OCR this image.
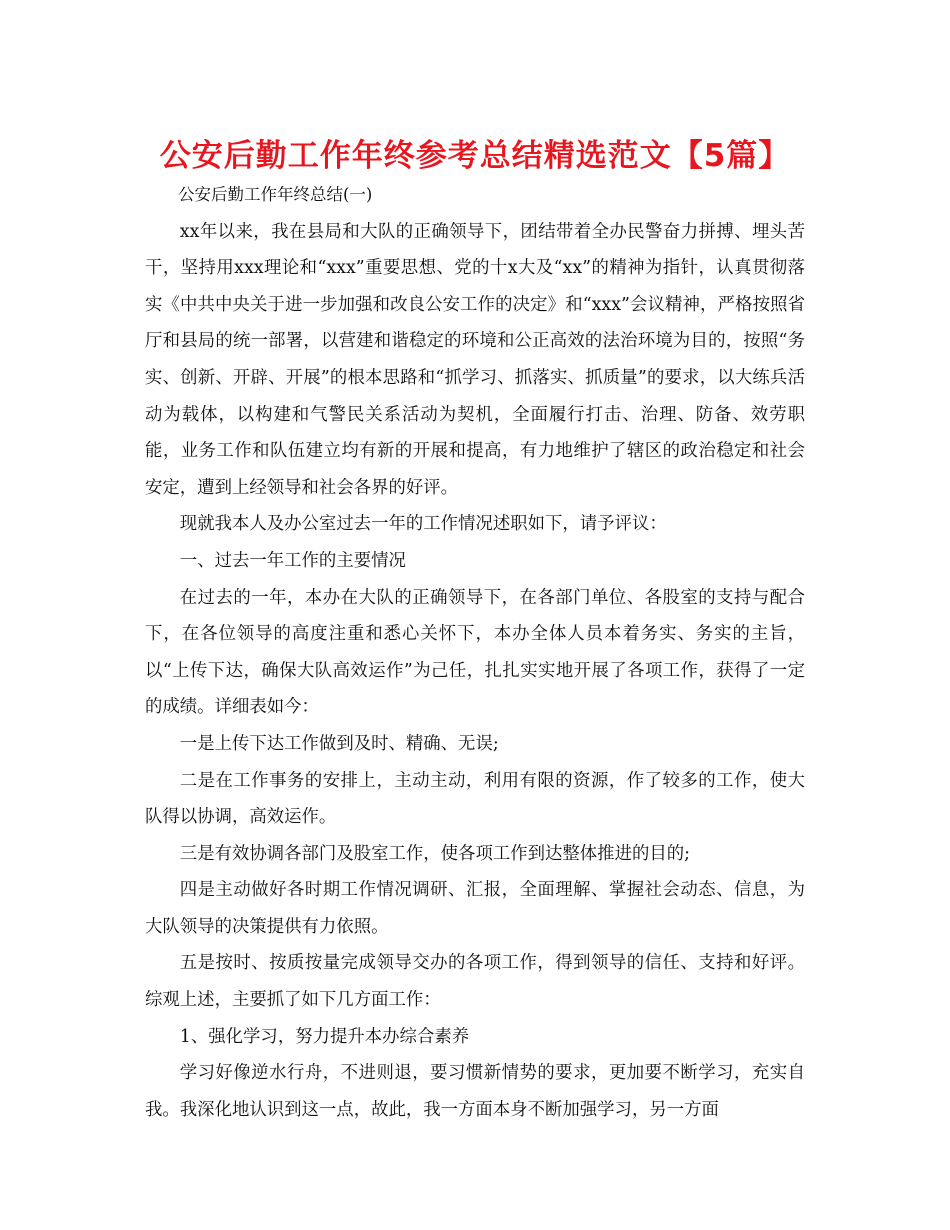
公安后勤工作年终参考总结精选范文【5篇】

公安后勤工作年终总结(一)

xx年以来，我在县局和大队的正确领导下，团结带着全办民警奋力拼搏、埋头苦干，坚持用xxx理论和“xxx”重要思想、党的十x大及“xx”的精神为指针，认真贯彻落实《中共中央关于进一步加强和改良公安工作的决定》和“xxx”会议精神，严格按照省厅和县局的统一部署，以营建和谐稳定的环境和公正高效的法治环境为目的，按照“务实、创新、开辟、开展”的根本思路和“抓学习、抓落实、抓质量”的要求，以大练兵活动为载体，以构建和气警民关系活动为契机，全面履行打击、治理、防备、效劳职能，业务工作和队伍建立均有新的开展和提高，有力地维护了辖区的政治稳定和社会安定，遭到上经领导和社会各界的好评。

现就我本人及办公室过去一年的工作情况述职如下，请予评议：

一、过去一年工作的主要情况

在过去的一年，本办在大队的正确领导下，在各部门单位、各股室的支持与配合下，在各位领导的高度注重和悉心关怀下，本办全体人员本着务实、务实的主旨，以“上传下达，确保大队高效运作”为己任，扎扎实实地开展了各项工作，获得了一定的成绩。详细表如今：

一是上传下达工作做到及时、精确、无误;

二是在工作事务的安排上，主动主动，利用有限的资源，作了较多的工作，使大队得以协调，高效运作。

三是有效协调各部门及股室工作，使各项工作到达整体推进的目的;

四是主动做好各时期工作情况调研、汇报，全面理解、掌握社会动态、信息，为大队领导的决策提供有力依照。

五是按时、按质按量完成领导交办的各项工作，得到领导的信任、支持和好评。综观上述，主要抓了如下几方面工作：

1、强化学习，努力提升本办综合素养

学习好像逆水行舟，不进则退，要习惯新情势的要求，更加要不断学习，充实自我。我深化地认识到这一点，故此，我一方面本身不断加强学习，另一方面
